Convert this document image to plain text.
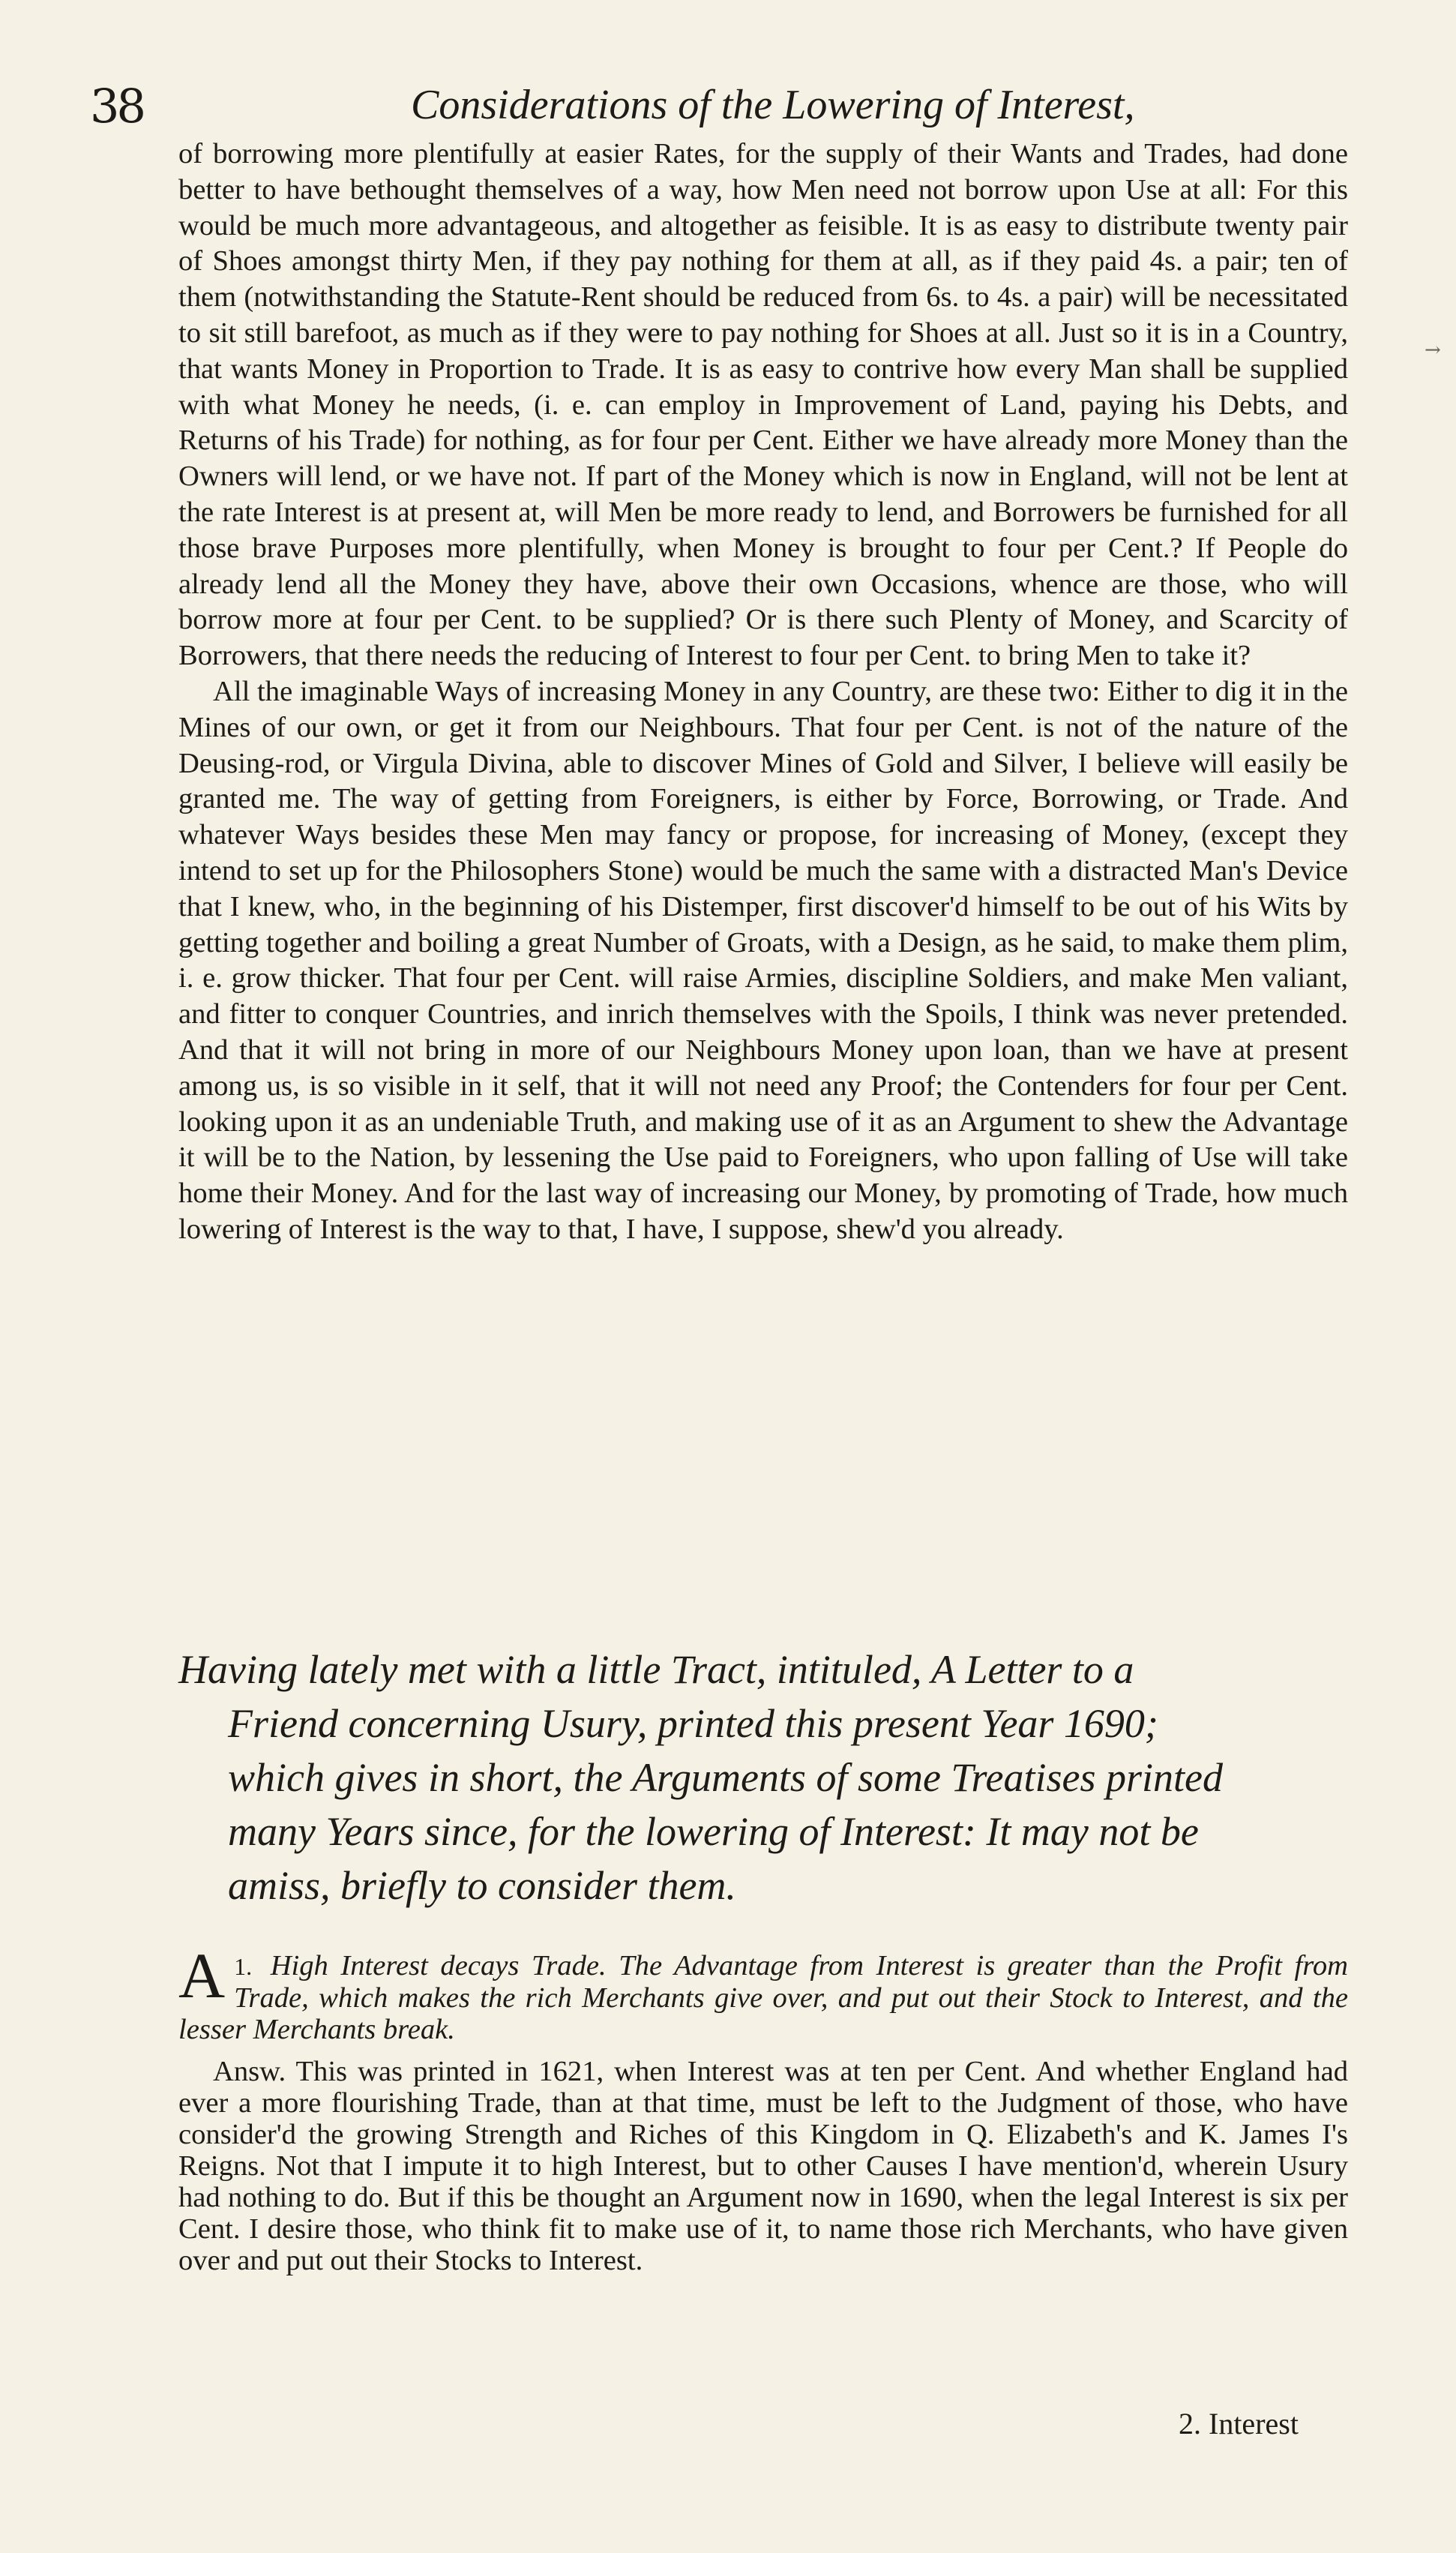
38	Considerations of the Lowering of Interest,

of borrowing more plentifully at easier Rates, for the supply of their Wants and Trades, had done better to have bethought themselves of a way, how Men need not borrow upon Use at all: For this would be much more advantageous, and altogether as feisible. It is as easy to distribute twenty pair of Shoes amongst thirty Men, if they pay nothing for them at all, as if they paid 4s. a pair; ten of them (notwithstanding the Statute-Rent should be reduced from 6s. to 4s. a pair) will be necessitated to sit still barefoot, as much as if they were to pay nothing for Shoes at all. Just so it is in a Country, that wants Money in Proportion to Trade. It is as easy to contrive how every Man shall be supplied with what Money he needs, (i. e. can employ in Improvement of Land, paying his Debts, and Returns of his Trade) for nothing, as for four per Cent. Either we have already more Money than the Owners will lend, or we have not. If part of the Money which is now in England, will not be lent at the rate Interest is at present at, will Men be more ready to lend, and Borrowers be furnished for all those brave Purposes more plentifully, when Money is brought to four per Cent.? If People do already lend all the Money they have, above their own Occasions, whence are those, who will borrow more at four per Cent. to be supplied? Or is there such Plenty of Money, and Scarcity of Borrowers, that there needs the reducing of Interest to four per Cent. to bring Men to take it?

All the imaginable Ways of increasing Money in any Country, are these two: Either to dig it in the Mines of our own, or get it from our Neighbours. That four per Cent. is not of the nature of the Deusing-rod, or Virgula Divina, able to discover Mines of Gold and Silver, I believe will easily be granted me. The way of getting from Foreigners, is either by Force, Borrowing, or Trade. And whatever Ways besides these Men may fancy or propose, for increasing of Money, (except they intend to set up for the Philosophers Stone) would be much the same with a distracted Man's Device that I knew, who, in the beginning of his Distemper, first discover'd himself to be out of his Wits by getting together and boiling a great Number of Groats, with a Design, as he said, to make them plim, i. e. grow thicker. That four per Cent. will raise Armies, discipline Soldiers, and make Men valiant, and fitter to conquer Countries, and inrich themselves with the Spoils, I think was never pretended. And that it will not bring in more of our Neighbours Money upon loan, than we have at present among us, is so visible in it self, that it will not need any Proof; the Contenders for four per Cent. looking upon it as an undeniable Truth, and making use of it as an Argument to shew the Advantage it will be to the Nation, by lessening the Use paid to Foreigners, who upon falling of Use will take home their Money. And for the last way of increasing our Money, by promoting of Trade, how much lowering of Interest is the way to that, I have, I suppose, shew'd you already.

→
Having lately met with a little Tract, intituled, A Letter to a
Friend concerning Usury, printed this present Year 1690;
which gives in short, the Arguments of some Treatises printed
many Years since, for the lowering of Interest: It may not be
amiss, briefly to consider them.

1.
A High Interest decays Trade. The Advantage from Interest is greater than the Profit from Trade, which makes the rich Merchants give over, and put out their Stock to Interest, and the lesser Merchants break.

Answ. This was printed in 1621, when Interest was at ten per Cent. And whether England had ever a more flourishing Trade, than at that time, must be left to the Judgment of those, who have consider'd the growing Strength and Riches of this Kingdom in Q. Elizabeth's and K. James I's Reigns. Not that I impute it to high Interest, but to other Causes I have mention'd, wherein Usury had nothing to do. But if this be thought an Argument now in 1690, when the legal Interest is six per Cent. I desire those, who think fit to make use of it, to name those rich Merchants, who have given over and put out their Stocks to Interest.

2. Interest
